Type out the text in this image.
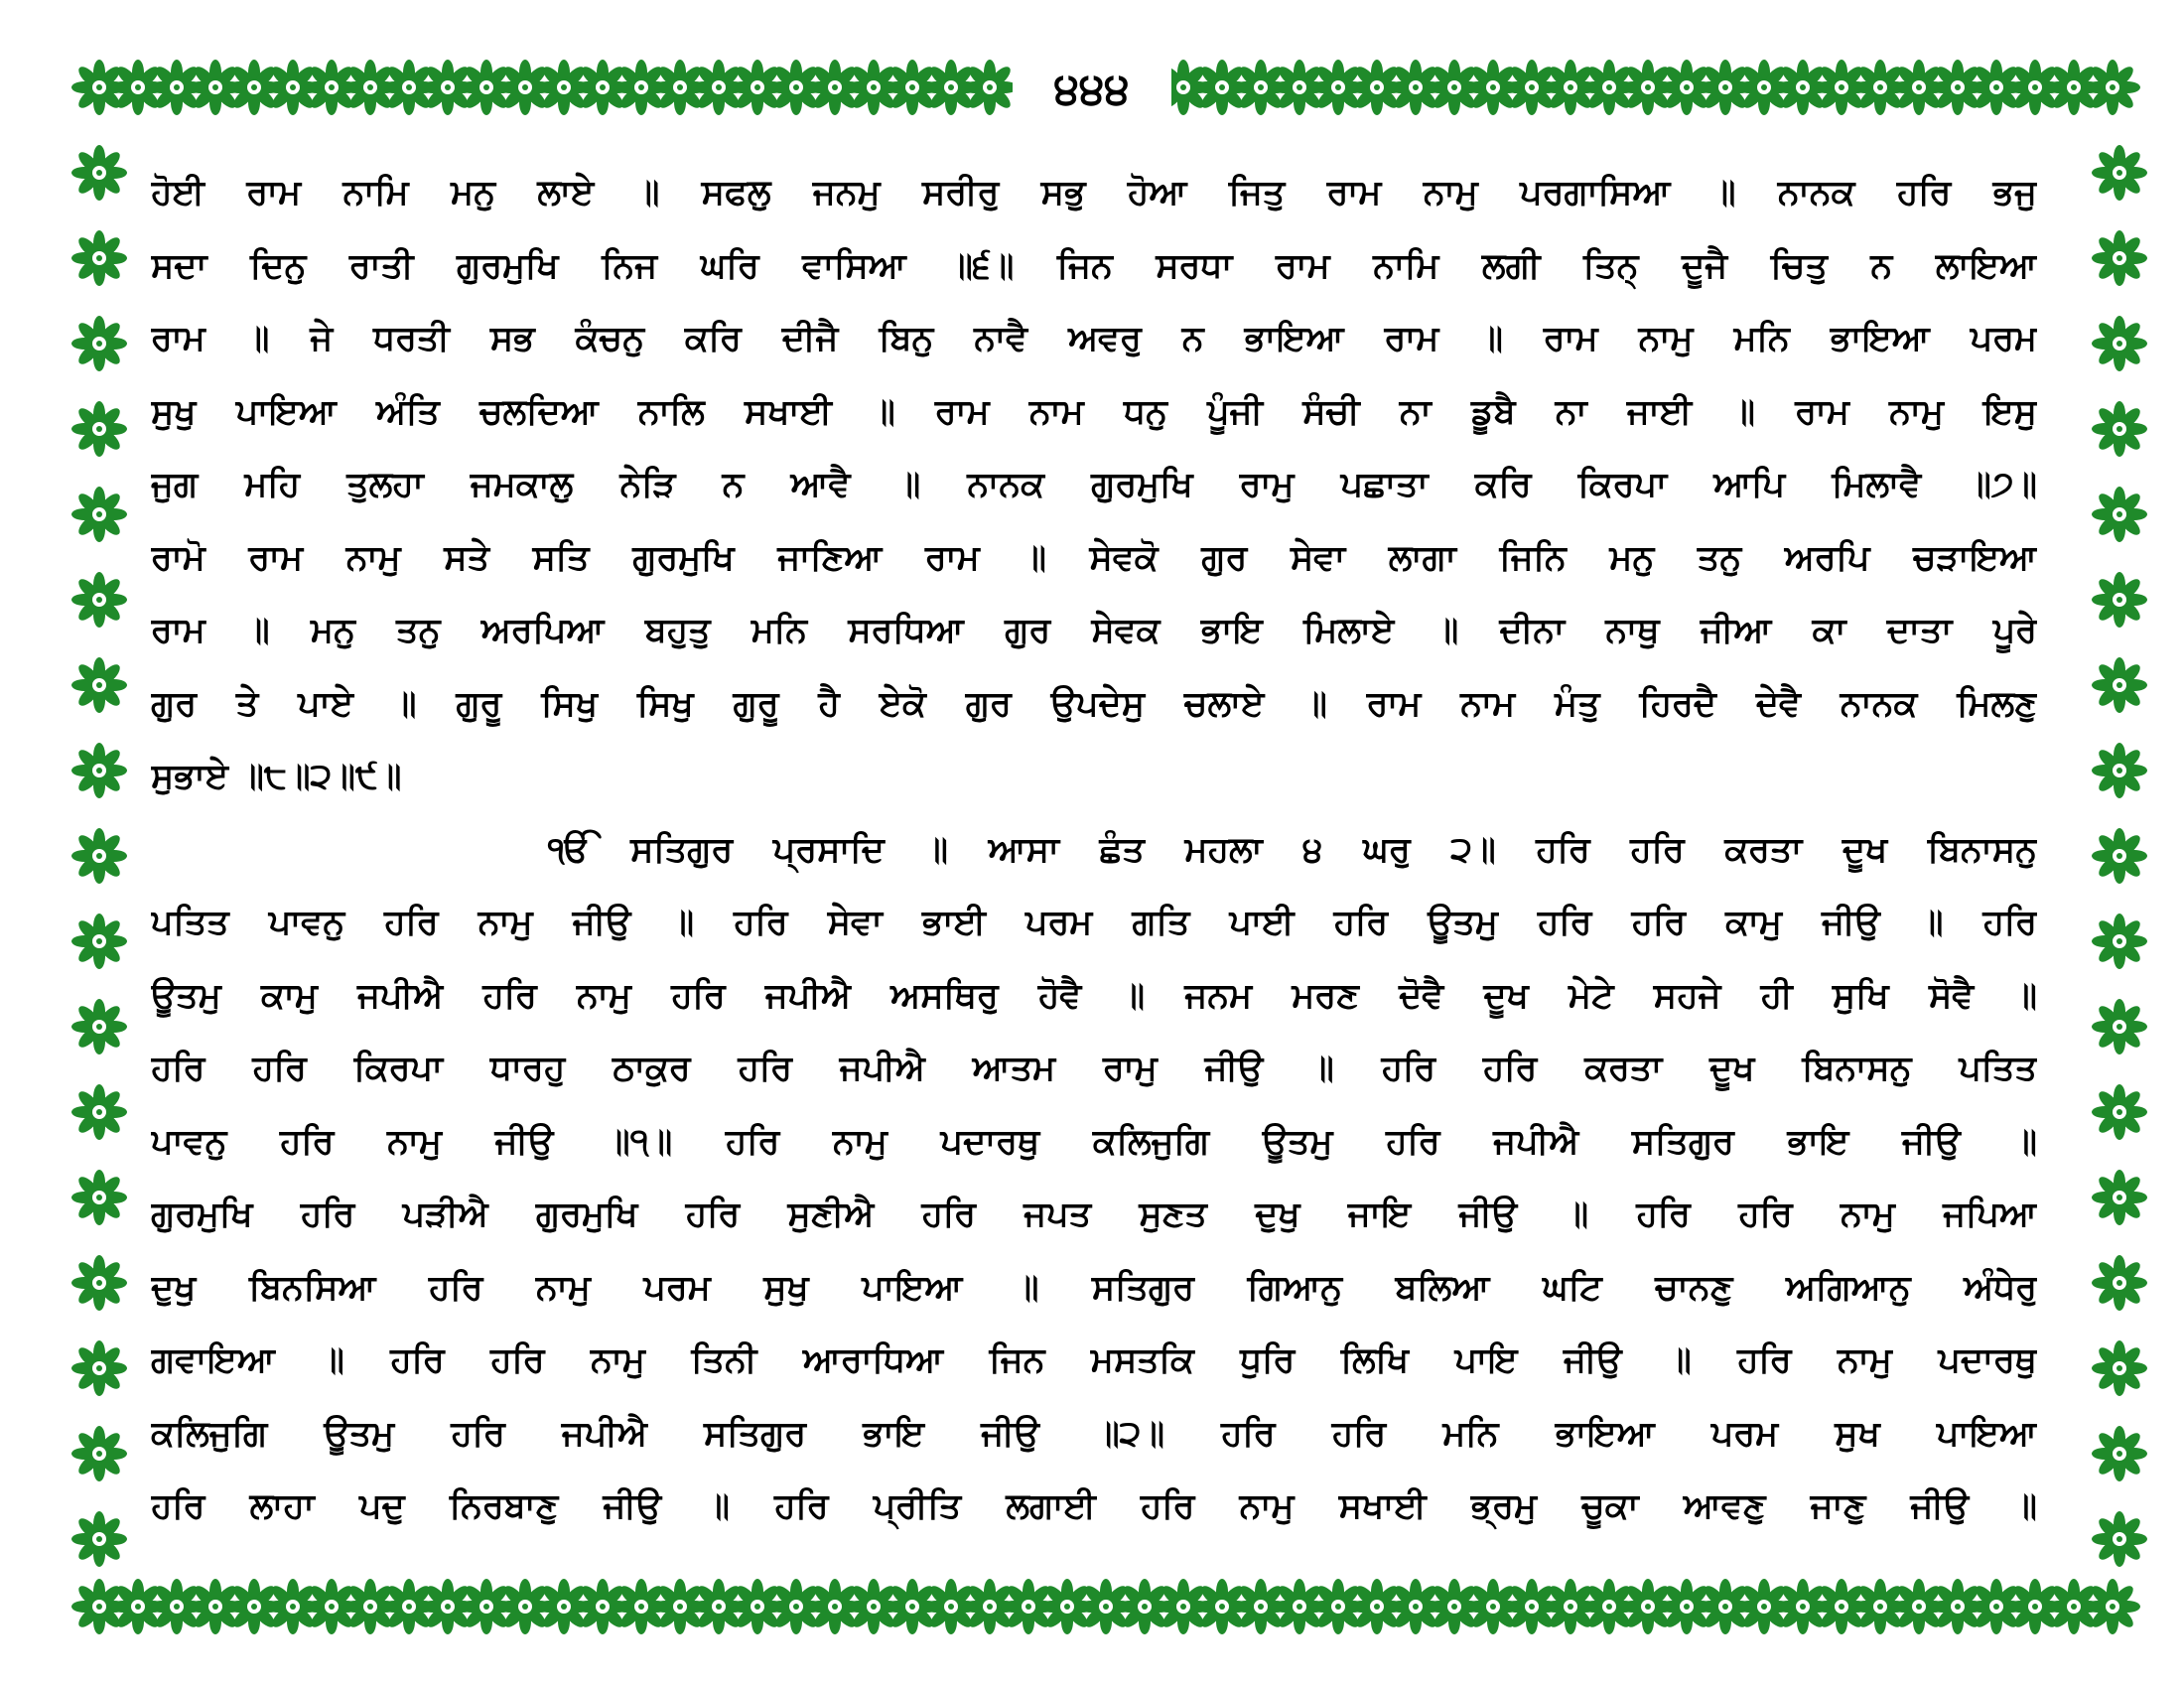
੪੪੪
ਹੋਈ ਰਾਮ ਨਾਮਿ ਮਨੁ ਲਾਏ ॥ ਸਫਲੁ ਜਨਮੁ ਸਰੀਰੁ ਸਭੁ ਹੋਆ ਜਿਤੁ ਰਾਮ ਨਾਮੁ ਪਰਗਾਸਿਆ ॥ ਨਾਨਕ ਹਰਿ ਭਜੁ
ਸਦਾ ਦਿਨੁ ਰਾਤੀ ਗੁਰਮੁਖਿ ਨਿਜ ਘਰਿ ਵਾਸਿਆ ॥੬॥ ਜਿਨ ਸਰਧਾ ਰਾਮ ਨਾਮਿ ਲਗੀ ਤਿਨ੍ ਦੂਜੈ ਚਿਤੁ ਨ ਲਾਇਆ
ਰਾਮ ॥ ਜੇ ਧਰਤੀ ਸਭ ਕੰਚਨੁ ਕਰਿ ਦੀਜੈ ਬਿਨੁ ਨਾਵੈ ਅਵਰੁ ਨ ਭਾਇਆ ਰਾਮ ॥ ਰਾਮ ਨਾਮੁ ਮਨਿ ਭਾਇਆ ਪਰਮ
ਸੁਖੁ ਪਾਇਆ ਅੰਤਿ ਚਲਦਿਆ ਨਾਲਿ ਸਖਾਈ ॥ ਰਾਮ ਨਾਮ ਧਨੁ ਪੂੰਜੀ ਸੰਚੀ ਨਾ ਡੂਬੈ ਨਾ ਜਾਈ ॥ ਰਾਮ ਨਾਮੁ ਇਸੁ
ਜੁਗ ਮਹਿ ਤੁਲਹਾ ਜਮਕਾਲੁ ਨੇੜਿ ਨ ਆਵੈ ॥ ਨਾਨਕ ਗੁਰਮੁਖਿ ਰਾਮੁ ਪਛਾਤਾ ਕਰਿ ਕਿਰਪਾ ਆਪਿ ਮਿਲਾਵੈ ॥੭॥
ਰਾਮੋ ਰਾਮ ਨਾਮੁ ਸਤੇ ਸਤਿ ਗੁਰਮੁਖਿ ਜਾਣਿਆ ਰਾਮ ॥ ਸੇਵਕੋ ਗੁਰ ਸੇਵਾ ਲਾਗਾ ਜਿਨਿ ਮਨੁ ਤਨੁ ਅਰਪਿ ਚੜਾਇਆ
ਰਾਮ ॥ ਮਨੁ ਤਨੁ ਅਰਪਿਆ ਬਹੁਤੁ ਮਨਿ ਸਰਧਿਆ ਗੁਰ ਸੇਵਕ ਭਾਇ ਮਿਲਾਏ ॥ ਦੀਨਾ ਨਾਥੁ ਜੀਆ ਕਾ ਦਾਤਾ ਪੂਰੇ
ਗੁਰ ਤੇ ਪਾਏ ॥ ਗੁਰੂ ਸਿਖੁ ਸਿਖੁ ਗੁਰੂ ਹੈ ਏਕੋ ਗੁਰ ਉਪਦੇਸੁ ਚਲਾਏ ॥ ਰਾਮ ਨਾਮ ਮੰਤੁ ਹਿਰਦੈ ਦੇਵੈ ਨਾਨਕ ਮਿਲਣੁ
ਸੁਭਾਏ ॥੮॥੨॥੯॥
ੴ ਸਤਿਗੁਰ ਪ੍ਰਸਾਦਿ ॥ ਆਸਾ ਛੰਤ ਮਹਲਾ ੪ ਘਰੁ ੨॥ ਹਰਿ ਹਰਿ ਕਰਤਾ ਦੂਖ ਬਿਨਾਸਨੁ
ਪਤਿਤ ਪਾਵਨੁ ਹਰਿ ਨਾਮੁ ਜੀਉ ॥ ਹਰਿ ਸੇਵਾ ਭਾਈ ਪਰਮ ਗਤਿ ਪਾਈ ਹਰਿ ਊਤਮੁ ਹਰਿ ਹਰਿ ਕਾਮੁ ਜੀਉ ॥ ਹਰਿ
ਊਤਮੁ ਕਾਮੁ ਜਪੀਐ ਹਰਿ ਨਾਮੁ ਹਰਿ ਜਪੀਐ ਅਸਥਿਰੁ ਹੋਵੈ ॥ ਜਨਮ ਮਰਣ ਦੋਵੈ ਦੂਖ ਮੇਟੇ ਸਹਜੇ ਹੀ ਸੁਖਿ ਸੋਵੈ ॥
ਹਰਿ ਹਰਿ ਕਿਰਪਾ ਧਾਰਹੁ ਠਾਕੁਰ ਹਰਿ ਜਪੀਐ ਆਤਮ ਰਾਮੁ ਜੀਉ ॥ ਹਰਿ ਹਰਿ ਕਰਤਾ ਦੂਖ ਬਿਨਾਸਨੁ ਪਤਿਤ
ਪਾਵਨੁ ਹਰਿ ਨਾਮੁ ਜੀਉ ॥੧॥ ਹਰਿ ਨਾਮੁ ਪਦਾਰਥੁ ਕਲਿਜੁਗਿ ਊਤਮੁ ਹਰਿ ਜਪੀਐ ਸਤਿਗੁਰ ਭਾਇ ਜੀਉ ॥
ਗੁਰਮੁਖਿ ਹਰਿ ਪੜੀਐ ਗੁਰਮੁਖਿ ਹਰਿ ਸੁਣੀਐ ਹਰਿ ਜਪਤ ਸੁਣਤ ਦੁਖੁ ਜਾਇ ਜੀਉ ॥ ਹਰਿ ਹਰਿ ਨਾਮੁ ਜਪਿਆ
ਦੁਖੁ ਬਿਨਸਿਆ ਹਰਿ ਨਾਮੁ ਪਰਮ ਸੁਖੁ ਪਾਇਆ ॥ ਸਤਿਗੁਰ ਗਿਆਨੁ ਬਲਿਆ ਘਟਿ ਚਾਨਣੁ ਅਗਿਆਨੁ ਅੰਧੇਰੁ
ਗਵਾਇਆ ॥ ਹਰਿ ਹਰਿ ਨਾਮੁ ਤਿਨੀ ਆਰਾਧਿਆ ਜਿਨ ਮਸਤਕਿ ਧੁਰਿ ਲਿਖਿ ਪਾਇ ਜੀਉ ॥ ਹਰਿ ਨਾਮੁ ਪਦਾਰਥੁ
ਕਲਿਜੁਗਿ ਊਤਮੁ ਹਰਿ ਜਪੀਐ ਸਤਿਗੁਰ ਭਾਇ ਜੀਉ ॥੨॥ ਹਰਿ ਹਰਿ ਮਨਿ ਭਾਇਆ ਪਰਮ ਸੁਖ ਪਾਇਆ
ਹਰਿ ਲਾਹਾ ਪਦੁ ਨਿਰਬਾਣੁ ਜੀਉ ॥ ਹਰਿ ਪ੍ਰੀਤਿ ਲਗਾਈ ਹਰਿ ਨਾਮੁ ਸਖਾਈ ਭ੍ਰਮੁ ਚੂਕਾ ਆਵਣੁ ਜਾਣੁ ਜੀਉ ॥
